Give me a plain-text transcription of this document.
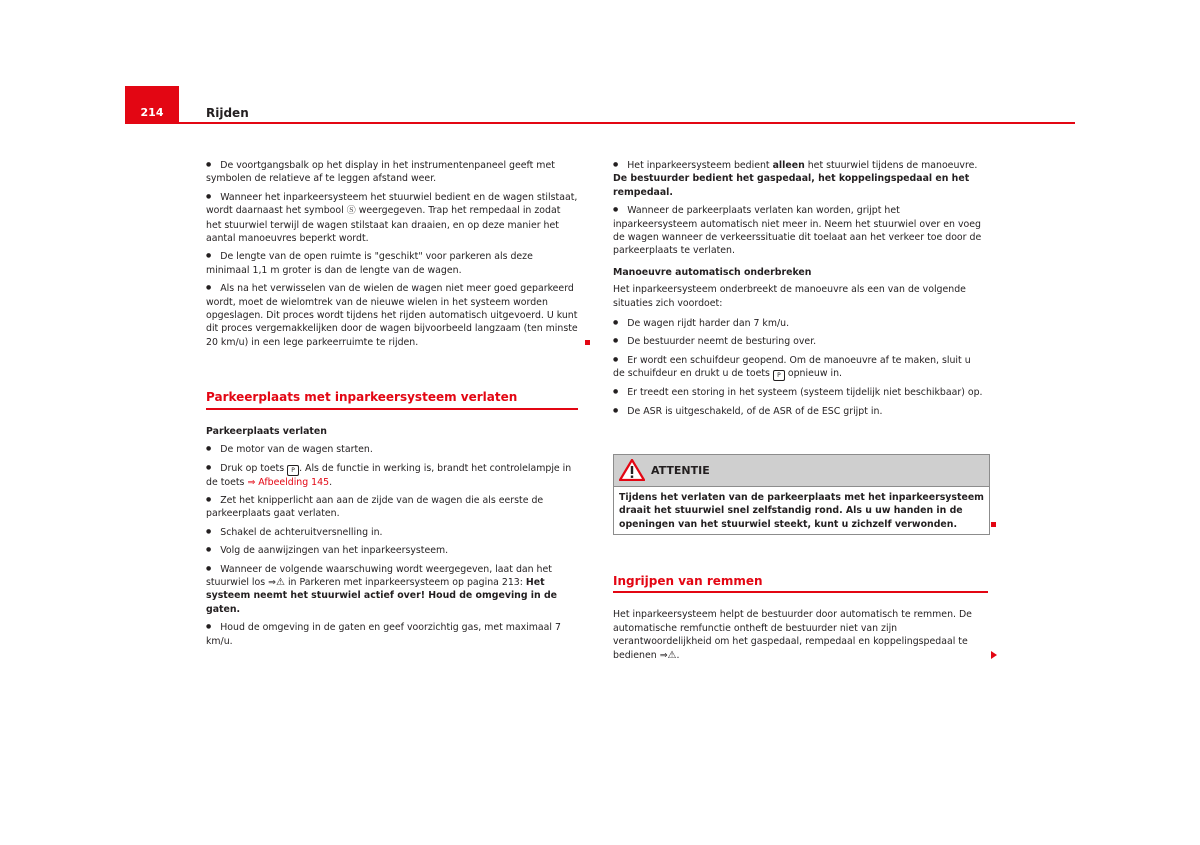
214	Rijden

● De voortgangsbalk op het display in het instrumentenpaneel geeft met symbolen de relatieve af te leggen afstand weer.

● Wanneer het inparkeersysteem het stuurwiel bedient en de wagen stilstaat, wordt daarnaast het symbool Ⓢ weergegeven. Trap het rempedaal in zodat het stuurwiel terwijl de wagen stilstaat kan draaien, en op deze manier het aantal manoeuvres beperkt wordt.

● De lengte van de open ruimte is "geschikt" voor parkeren als deze minimaal 1,1 m groter is dan de lengte van de wagen.

● Als na het verwisselen van de wielen de wagen niet meer goed geparkeerd wordt, moet de wielomtrek van de nieuwe wielen in het systeem worden opgeslagen. Dit proces wordt tijdens het rijden automatisch uitgevoerd. U kunt dit proces vergemakkelijken door de wagen bijvoorbeeld langzaam (ten minste 20 km/u) in een lege parkeerruimte te rijden.

Parkeerplaats met inparkeersysteem verlaten

Parkeerplaats verlaten

● De motor van de wagen starten.

● Druk op toets P . Als de functie in werking is, brandt het controlelampje in de toets ⇒ Afbeelding 145.

● Zet het knipperlicht aan aan de zijde van de wagen die als eerste de parkeerplaats gaat verlaten.

● Schakel de achteruitversnelling in.

● Volg de aanwijzingen van het inparkeersysteem.

● Wanneer de volgende waarschuwing wordt weergegeven, laat dan het stuurwiel los ⇒⚠ in Parkeren met inparkeersysteem op pagina 213: Het systeem neemt het stuurwiel actief over! Houd de omgeving in de gaten.

● Houd de omgeving in de gaten en geef voorzichtig gas, met maximaal 7 km/u.

● Het inparkeersysteem bedient alleen het stuurwiel tijdens de manoeuvre. De bestuurder bedient het gaspedaal, het koppelingspedaal en het rempedaal.

● Wanneer de parkeerplaats verlaten kan worden, grijpt het inparkeersysteem automatisch niet meer in. Neem het stuurwiel over en voeg de wagen wanneer de verkeerssituatie dit toelaat aan het verkeer toe door de parkeerplaats te verlaten.

Manoeuvre automatisch onderbreken

Het inparkeersysteem onderbreekt de manoeuvre als een van de volgende situaties zich voordoet:

● De wagen rijdt harder dan 7 km/u.

● De bestuurder neemt de besturing over.

● Er wordt een schuifdeur geopend. Om de manoeuvre af te maken, sluit u de schuifdeur en drukt u de toets P opnieuw in.

● Er treedt een storing in het systeem (systeem tijdelijk niet beschikbaar) op.

● De ASR is uitgeschakeld, of de ASR of de ESC grijpt in.

ATTENTIE
Tijdens het verlaten van de parkeerplaats met het inparkeersysteem draait het stuurwiel snel zelfstandig rond. Als u uw handen in de openingen van het stuurwiel steekt, kunt u zichzelf verwonden.
Ingrijpen van remmen

Het inparkeersysteem helpt de bestuurder door automatisch te remmen. De automatische remfunctie ontheft de bestuurder niet van zijn verantwoordelijkheid om het gaspedaal, rempedaal en koppelingspedaal te bedienen ⇒⚠.
